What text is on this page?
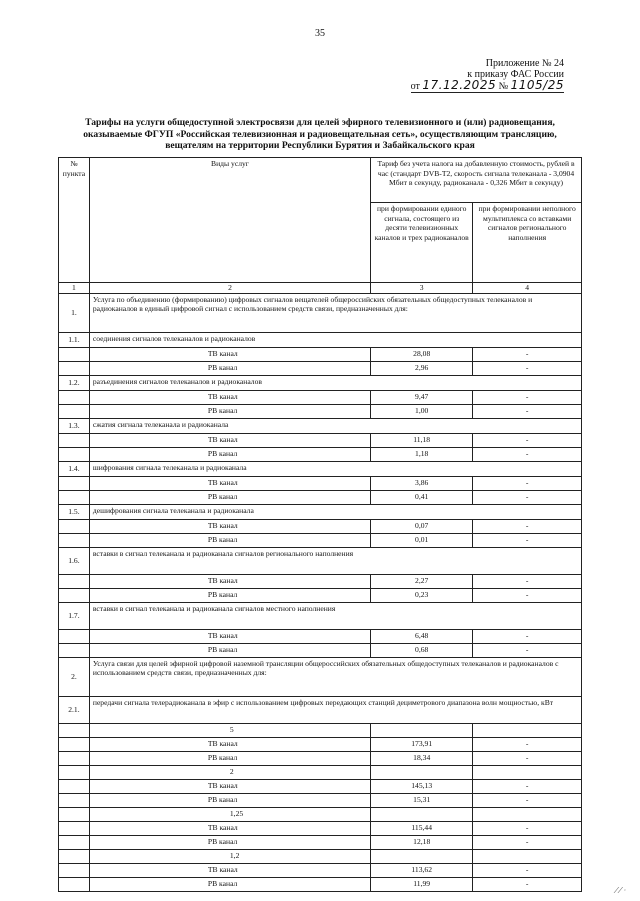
35
Приложение № 24
к приказу ФАС России
от 17.12.2025 № 1105/25
Тарифы на услуги общедоступной электросвязи для целей эфирного телевизионного и (или) радиовещания, оказываемые ФГУП «Российская телевизионная и радиовещательная сеть», осуществляющим трансляцию, вещателям на территории Республики Бурятия и Забайкальского края
№ пункта	Виды услуг	Тариф без учета налога на добавленную стоимость, рублей в час (стандарт DVB-T2, скорость сигнала телеканала - 3,0904 Мбит в секунду, радиоканала - 0,326 Мбит в секунду)	
		при формировании единого сигнала, состоящего из десяти телевизионных каналов и трех радиоканалов	при формировании неполного мультиплекса со вставками сигналов регионального наполнения
1	2	3	4
1.	Услуга по объединению (формированию) цифровых сигналов вещателей общероссийских обязательных общедоступных телеканалов и радиоканалов в единый цифровой сигнал с использованием средств связи, предназначенных для:		
1.1.	соединения сигналов телеканалов и радиоканалов		
	ТВ канал	28,08	-
	РВ канал	2,96	-
1.2.	разъединения сигналов телеканалов и радиоканалов		
	ТВ канал	9,47	-
	РВ канал	1,00	-
1.3.	сжатия сигнала телеканала и радиоканала		
	ТВ канал	11,18	-
	РВ канал	1,18	-
1.4.	шифрования сигнала телеканала и радиоканала		
	ТВ канал	3,86	-
	РВ канал	0,41	-
1.5.	дешифрования сигнала телеканала и радиоканала		
	ТВ канал	0,07	-
	РВ канал	0,01	-
1.6.	вставки в сигнал телеканала и радиоканала сигналов регионального наполнения		
	ТВ канал	2,27	-
	РВ канал	0,23	-
1.7.	вставки в сигнал телеканала и радиоканала сигналов местного наполнения		
	ТВ канал	6,48	-
	РВ канал	0,68	-
2.	Услуга связи для целей эфирной цифровой наземной трансляции общероссийских обязательных общедоступных телеканалов и радиоканалов с использованием средств связи, предназначенных для:		
2.1.	передачи сигнала телерадиоканала в эфир с использованием цифровых передающих станций дециметрового диапазона волн мощностью, кВт		
	5		
	ТВ канал	173,91	-
	РВ канал	18,34	-
	2		
	ТВ канал	145,13	-
	РВ канал	15,31	-
	1,25		
	ТВ канал	115,44	-
	РВ канал	12,18	-
	1,2		
	ТВ канал	113,62	-
	РВ канал	11,99	-
⁄ ⁄ ·
